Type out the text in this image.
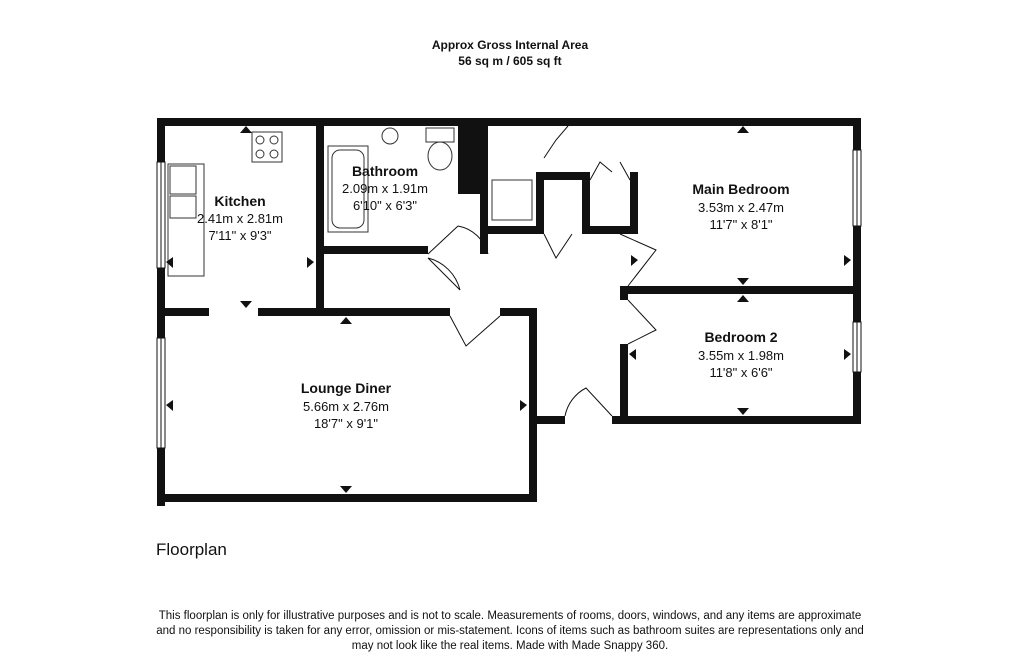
Approx Gross Internal Area
56 sq m / 605 sq ft
Kitchen
2.41m x 2.81m
7'11" x 9'3"
Bathroom
2.09m x 1.91m
6'10" x 6'3"
Main Bedroom
3.53m x 2.47m
11'7" x 8'1"
Bedroom 2
3.55m x 1.98m
11'8" x 6'6"
Lounge Diner
5.66m x 2.76m
18'7" x 9'1"
Floorplan
This floorplan is only for illustrative purposes and is not to scale. Measurements of rooms, doors, windows, and any items are approximate
and no responsibility is taken for any error, omission or mis-statement. Icons of items such as bathroom suites are representations only and
may not look like the real items. Made with Made Snappy 360.
